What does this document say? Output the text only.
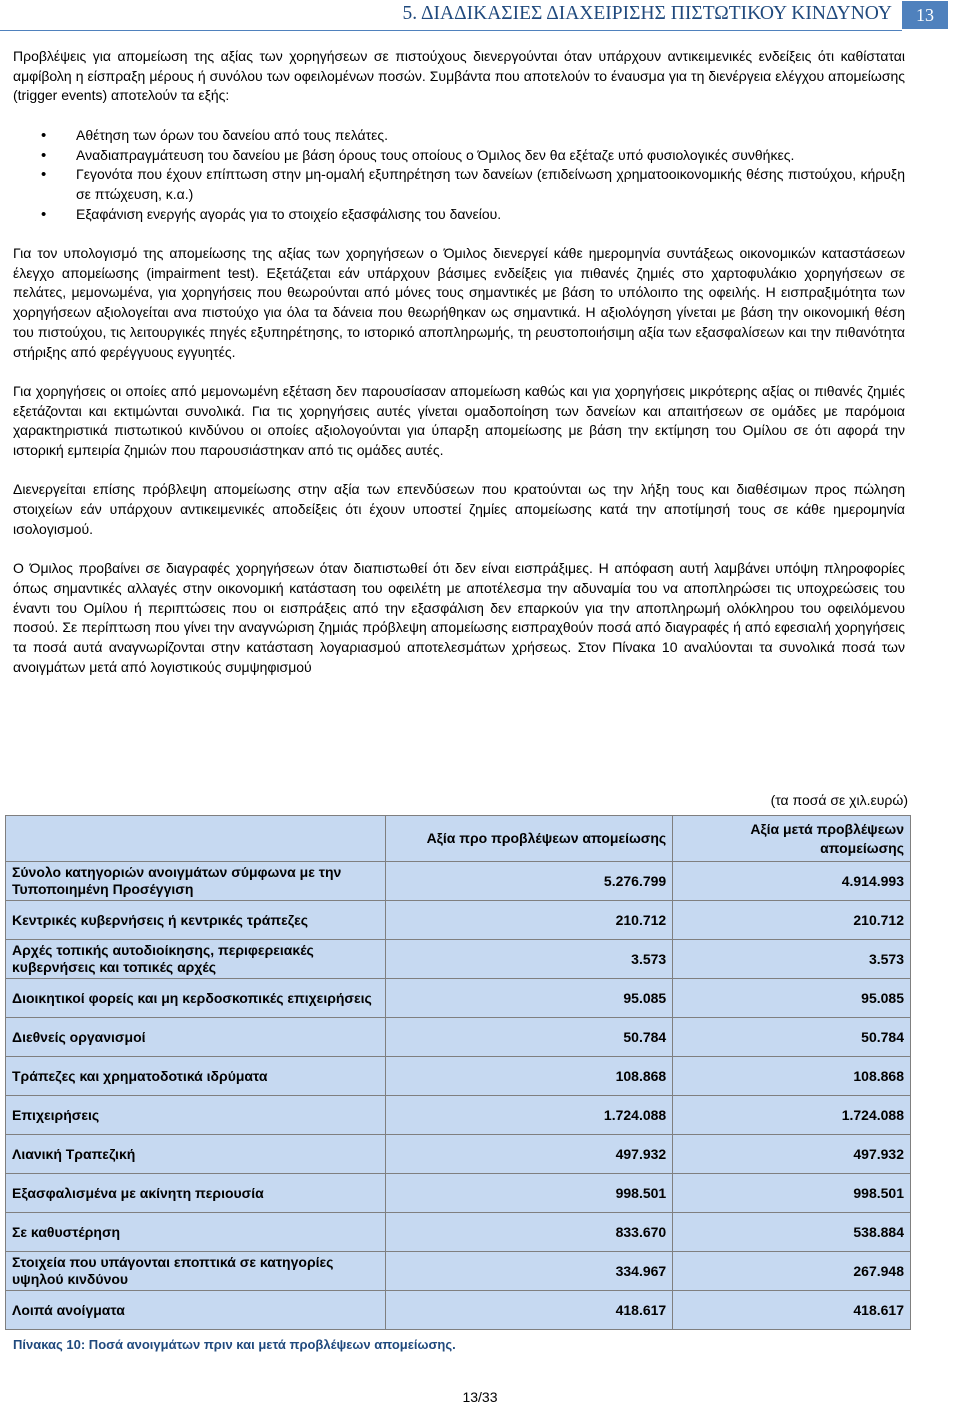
5. ΔΙΑΔΙΚΑΣΙΕΣ ΔΙΑΧΕΙΡΙΣΗΣ ΠΙΣΤΩΤΙΚΟΥ ΚΙΝΔΥΝΟΥ	13

Προβλέψεις για απομείωση της αξίας των χορηγήσεων σε πιστούχους διενεργούνται όταν υπάρχουν αντικειμενικές ενδείξεις ότι καθίσταται αμφίβολη η είσπραξη μέρους ή συνόλου των οφειλομένων ποσών. Συμβάντα που αποτελούν το έναυσμα για τη διενέργεια ελέγχου απομείωσης (trigger events) αποτελούν τα εξής:

• Αθέτηση των όρων του δανείου από τους πελάτες.
• Αναδιαπραγμάτευση του δανείου με βάση όρους τους οποίους ο Όμιλος δεν θα εξέταζε υπό φυσιολογικές συνθήκες.
• Γεγονότα που έχουν επίπτωση στην μη-ομαλή εξυπηρέτηση των δανείων (επιδείνωση χρηματοοικονομικής θέσης πιστούχου, κήρυξη σε πτώχευση, κ.α.)
• Εξαφάνιση ενεργής αγοράς για το στοιχείο εξασφάλισης του δανείου.

Για τον υπολογισμό της απομείωσης της αξίας των χορηγήσεων ο Όμιλος διενεργεί κάθε ημερομηνία συντάξεως οικονομικών καταστάσεων έλεγχο απομείωσης (impairment test). Εξετάζεται εάν υπάρχουν βάσιμες ενδείξεις για πιθανές ζημιές στο χαρτοφυλάκιο χορηγήσεων σε πελάτες, μεμονωμένα, για χορηγήσεις που θεωρούνται από μόνες τους σημαντικές με βάση το υπόλοιπο της οφειλής. Η εισπραξιμότητα των χορηγήσεων αξιολογείται ανα πιστούχο για όλα τα δάνεια που θεωρήθηκαν ως σημαντικά. Η αξιολόγηση γίνεται με βάση την οικονομική θέση του πιστούχου, τις λειτουργικές πηγές εξυπηρέτησης, το ιστορικό αποπληρωμής, τη ρευστοποιήσιμη αξία των εξασφαλίσεων και την πιθανότητα στήριξης από φερέγγυους εγγυητές.

Για χορηγήσεις οι οποίες από μεμονωμένη εξέταση δεν παρουσίασαν απομείωση καθώς και για χορηγήσεις μικρότερης αξίας οι πιθανές ζημιές εξετάζονται και εκτιμώνται συνολικά. Για τις χορηγήσεις αυτές γίνεται ομαδοποίηση των δανείων και απαιτήσεων σε ομάδες με παρόμοια χαρακτηριστικά πιστωτικού κινδύνου οι οποίες αξιολογούνται για ύπαρξη απομείωσης με βάση την εκτίμηση του Ομίλου σε ότι αφορά την ιστορική εμπειρία ζημιών που παρουσιάστηκαν από τις ομάδες αυτές.

Διενεργείται επίσης πρόβλεψη απομείωσης στην αξία των επενδύσεων που κρατούνται ως την λήξη τους και διαθέσιμων προς πώληση στοιχείων εάν υπάρχουν αντικειμενικές αποδείξεις ότι έχουν υποστεί ζημίες απομείωσης κατά την αποτίμησή τους σε κάθε ημερομηνία ισολογισμού.

Ο Όμιλος προβαίνει σε διαγραφές χορηγήσεων όταν διαπιστωθεί ότι δεν είναι εισπράξιμες. Η απόφαση αυτή λαμβάνει υπόψη πληροφορίες όπως σημαντικές αλλαγές στην οικονομική κατάσταση του οφειλέτη με αποτέλεσμα την αδυναμία του να αποπληρώσει τις υποχρεώσεις του έναντι του Ομίλου ή περιπτώσεις που οι εισπράξεις από την εξασφάλιση δεν επαρκούν για την αποπληρωμή ολόκληρου του οφειλόμενου ποσού. Σε περίπτωση που γίνει την αναγνώριση ζημιάς πρόβλεψη απομείωσης εισπραχθούν ποσά από διαγραφές ή από εφεσιαλή χορηγήσεις τα ποσά αυτά αναγνωρίζονται στην κατάσταση λογαριασμού αποτελεσμάτων χρήσεως. Στον Πίνακα 10 αναλύονται τα συνολικά ποσά των ανοιγμάτων μετά από λογιστικούς συμψηφισμού

(τα ποσά σε χιλ.ευρώ)
	Αξία προ προβλέψεων απομείωσης	Αξία μετά προβλέψεων απομείωσης
Σύνολο κατηγοριών ανοιγμάτων σύμφωνα με την Τυποποιημένη Προσέγγιση	5.276.799	4.914.993
Κεντρικές κυβερνήσεις ή κεντρικές τράπεζες	210.712	210.712
Αρχές τοπικής αυτοδιοίκησης, περιφερειακές κυβερνήσεις και τοπικές αρχές	3.573	3.573
Διοικητικοί φορείς και μη κερδοσκοπικές επιχειρήσεις	95.085	95.085
Διεθνείς οργανισμοί	50.784	50.784
Τράπεζες και χρηματοδοτικά ιδρύματα	108.868	108.868
Επιχειρήσεις	1.724.088	1.724.088
Λιανική Τραπεζική	497.932	497.932
Εξασφαλισμένα με ακίνητη περιουσία	998.501	998.501
Σε καθυστέρηση	833.670	538.884
Στοιχεία που υπάγονται εποπτικά σε κατηγορίες υψηλού κινδύνου	334.967	267.948
Λοιπά ανοίγματα	418.617	418.617
Πίνακας 10: Ποσά ανοιγμάτων πριν και μετά προβλέψεων απομείωσης.
13/33
